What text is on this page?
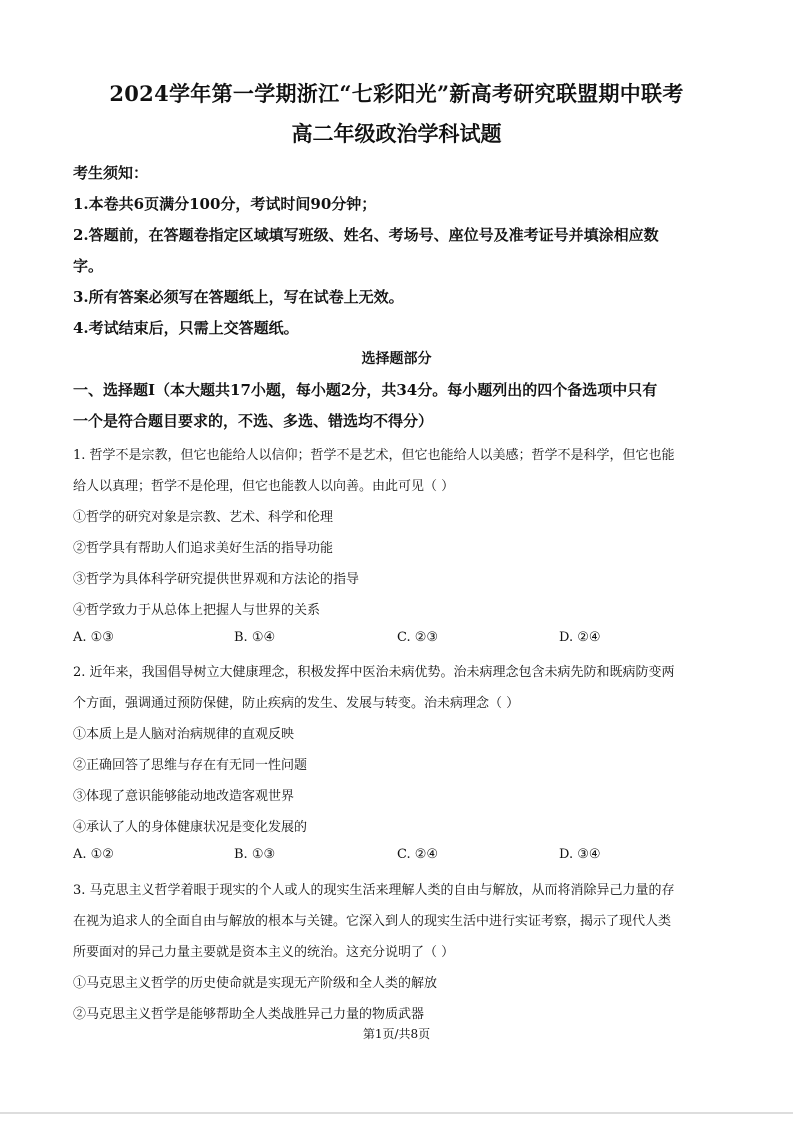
2024学年第一学期浙江“七彩阳光”新高考研究联盟期中联考
高二年级政治学科试题
考生须知：
1.本卷共6页满分100分，考试时间90分钟；
2.答题前，在答题卷指定区域填写班级、姓名、考场号、座位号及准考证号并填涂相应数
字。
3.所有答案必须写在答题纸上，写在试卷上无效。
4.考试结束后，只需上交答题纸。
选择题部分
一、选择题Ⅰ（本大题共17小题，每小题2分，共34分。每小题列出的四个备选项中只有
一个是符合题目要求的，不选、多选、错选均不得分）
1. 哲学不是宗教，但它也能给人以信仰；哲学不是艺术，但它也能给人以美感；哲学不是科学，但它也能
给人以真理；哲学不是伦理，但它也能教人以向善。由此可见（ ）
①哲学的研究对象是宗教、艺术、科学和伦理
②哲学具有帮助人们追求美好生活的指导功能
③哲学为具体科学研究提供世界观和方法论的指导
④哲学致力于从总体上把握人与世界的关系
A. ①③	B. ①④	C. ②③	D. ②④
2. 近年来，我国倡导树立大健康理念，积极发挥中医治未病优势。治未病理念包含未病先防和既病防变两
个方面，强调通过预防保健，防止疾病的发生、发展与转变。治未病理念（ ）
①本质上是人脑对治病规律的直观反映
②正确回答了思维与存在有无同一性问题
③体现了意识能够能动地改造客观世界
④承认了人的身体健康状况是变化发展的
A. ①②	B. ①③	C. ②④	D. ③④
3. 马克思主义哲学着眼于现实的个人或人的现实生活来理解人类的自由与解放，从而将消除异己力量的存
在视为追求人的全面自由与解放的根本与关键。它深入到人的现实生活中进行实证考察，揭示了现代人类
所要面对的异己力量主要就是资本主义的统治。这充分说明了（ ）
①马克思主义哲学的历史使命就是实现无产阶级和全人类的解放
②马克思主义哲学是能够帮助全人类战胜异己力量的物质武器
第1页/共8页
